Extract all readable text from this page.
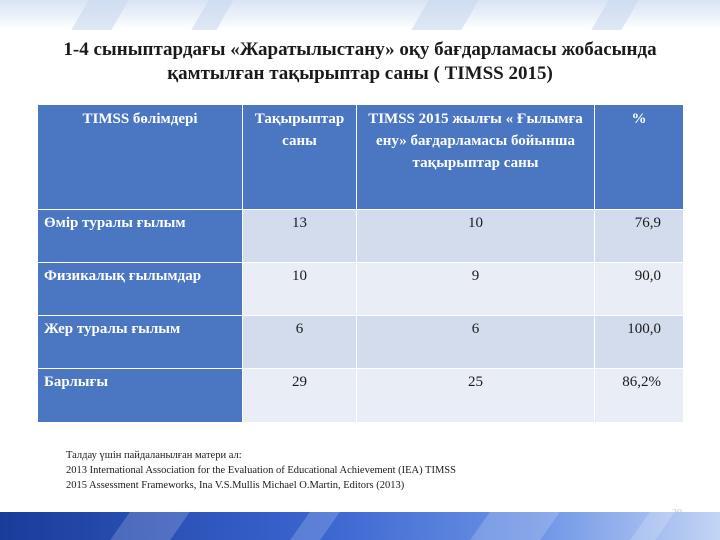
1-4 сыныптардағы «Жаратылыстану» оқу бағдарламасы жобасында
қамтылған тақырыптар саны ( TIMSS 2015)
TIMSS бөлімдері	Тақырыптар саны	TIMSS 2015 жылғы « Ғылымға ену» бағдарламасы бойынша тақырыптар саны	%
Өмір туралы ғылым	13	10	76,9
Физикалық ғылымдар	10	9	90,0
Жер туралы ғылым	6	6	100,0
Барлығы	29	25	86,2%
Талдау үшін пайдаланылған матери ал:
2013 International Association for the Evaluation of Educational Achievement (IEA) TIMSS
2015 Assessment Frameworks, Ina V.S.Mullis Michael O.Martin, Editors (2013)
